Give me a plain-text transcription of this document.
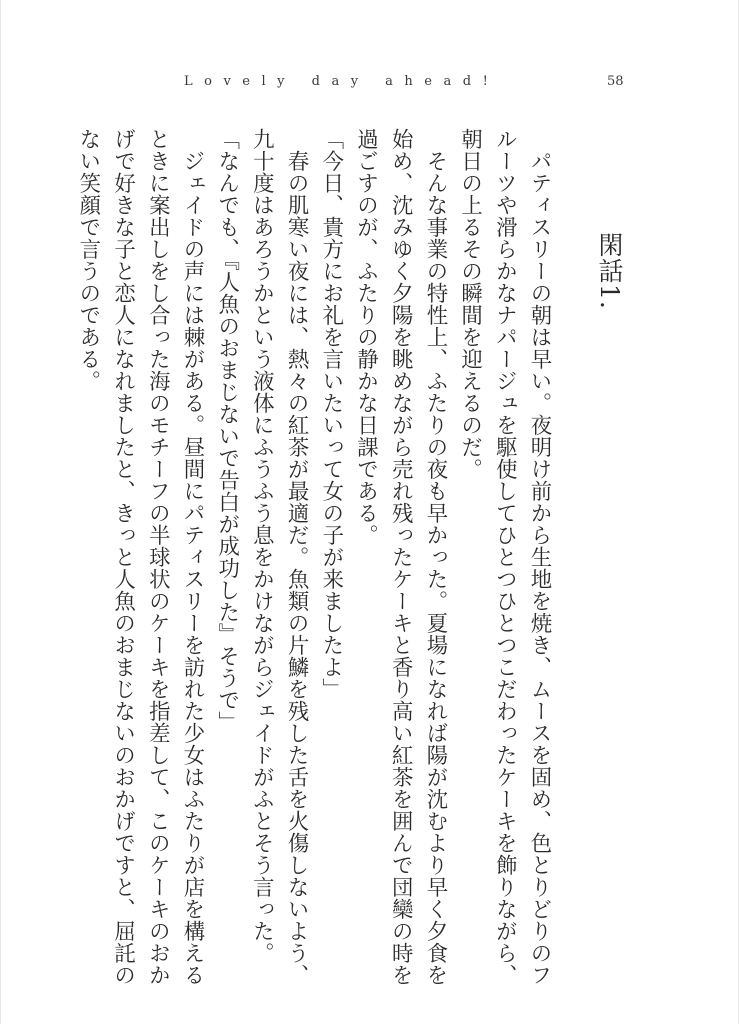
Lovely day ahead!	58
閑話1.

　パティスリーの朝は早い。夜明け前から生地を焼き、ムースを固め、色とりどりのフルーツや滑らかなナパージュを駆使してひとつひとつこだわったケーキを飾りながら、朝日の上るその瞬間を迎えるのだ。

　そんな事業の特性上、ふたりの夜も早かった。夏場になれば陽が沈むより早く夕食を始め、沈みゆく夕陽を眺めながら売れ残ったケーキと香り高い紅茶を囲んで団欒の時を過ごすのが、ふたりの静かな日課である。

「今日、貴方にお礼を言いたいって女の子が来ましたよ」

　春の肌寒い夜には、熱々の紅茶が最適だ。魚類の片鱗を残した舌を火傷しないよう、九十度はあろうかという液体にふうふう息をかけながらジェイドがふとそう言った。

「なんでも、『人魚のおまじないで告白が成功した』そうで」

　ジェイドの声には棘がある。昼間にパティスリーを訪れた少女はふたりが店を構えるときに案出しをし合った海のモチーフの半球状のケーキを指差して、このケーキのおかげで好きな子と恋人になれましたと、きっと人魚のおまじないのおかげですと、屈託のない笑顔で言うのである。
